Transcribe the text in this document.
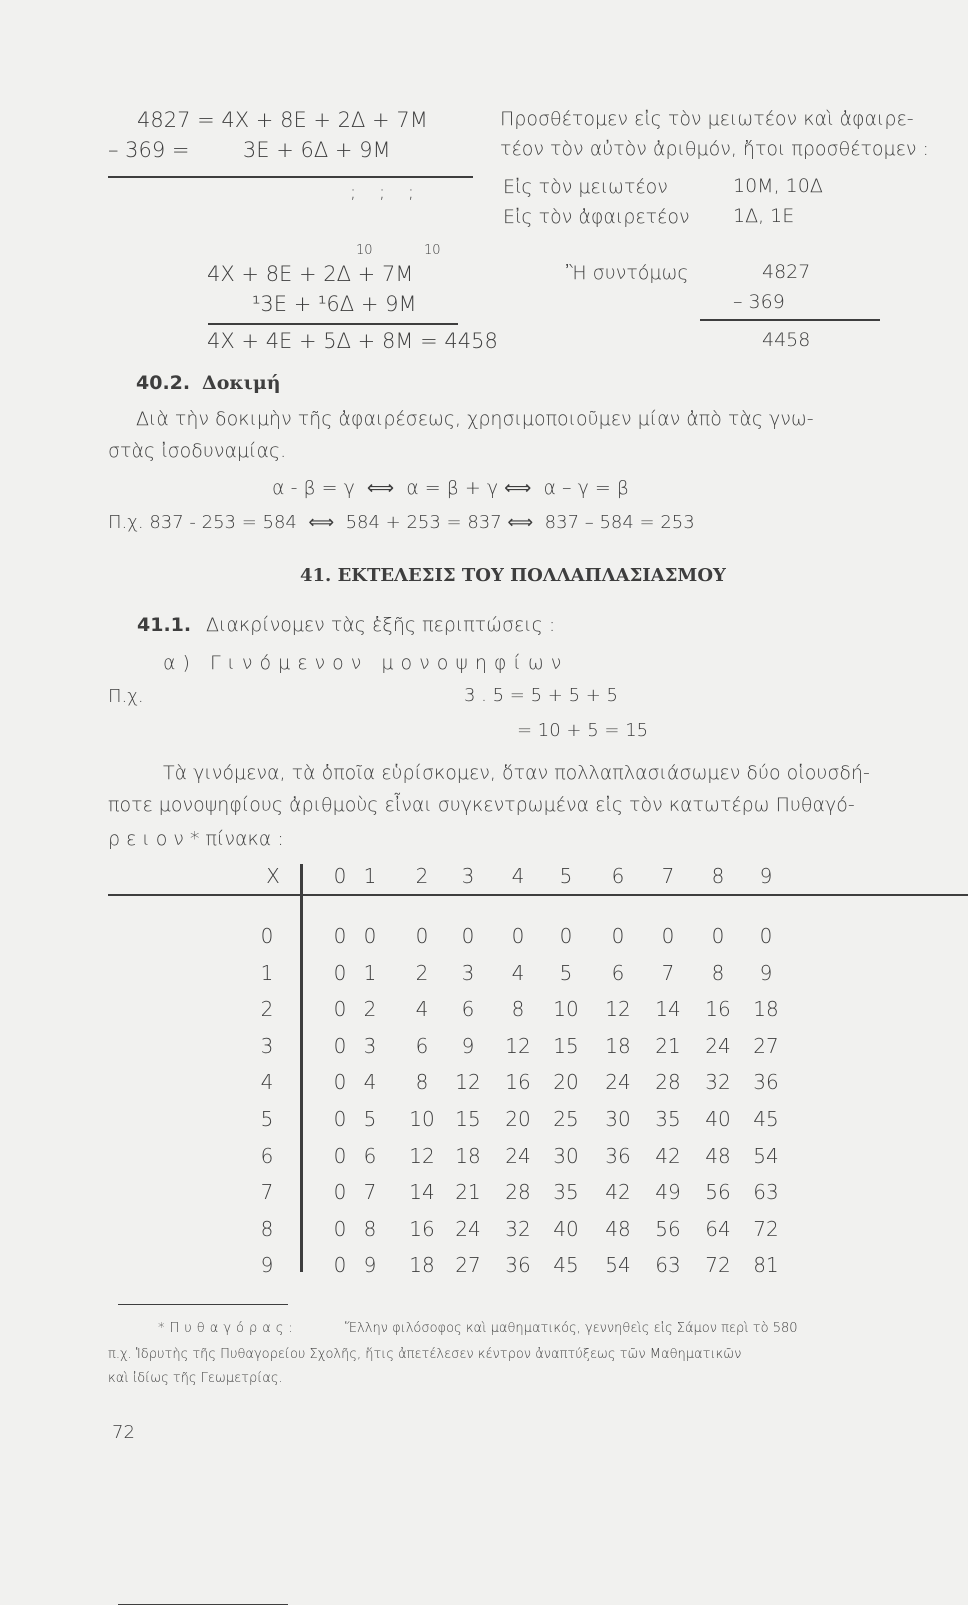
4827 = 4X + 8E + 2Δ + 7M
– 369 =        3E + 6Δ + 9M
;    ;    ;
Προσθέτομεν εἰς τὸν μειωτέον καὶ ἀφαιρε-
τέον τὸν αὐτὸν ἀριθμόν, ἤτοι προσθέτομεν :
Εἰς τὸν μειωτέον	10Μ, 10Δ
Εἰς τὸν ἀφαιρετέον 1Δ, 1Ε
10	10
4X + 8E + 2Δ + 7M
¹3E + ¹6Δ + 9M
4X + 4E + 5Δ + 8M = 4458
Ἢ συντόμως	4827
– 369
4458
40.2. Δοκιμή
Διὰ τὴν δοκιμὴν τῆς ἀφαιρέσεως, χρησιμοποιοῦμεν μίαν ἀπὸ τὰς γνω-
στὰς ἰσοδυναμίας.
α - β = γ  ⟺  α = β + γ ⟺  α – γ = β
Π.χ. 837 - 253 = 584  ⟺  584 + 253 = 837 ⟺  837 – 584 = 253
41. ΕΚΤΕΛΕΣΙΣ ΤΟΥ ΠΟΛΛΑΠΛΑΣΙΑΣΜΟΥ
41.1. Διακρίνομεν τὰς ἑξῆς περιπτώσεις :
α) Γινόμενον μονοψηφίων
Π.χ.	3 . 5 = 5 + 5 + 5
= 10 + 5 = 15
Τὰ γινόμενα, τὰ ὁποῖα εὑρίσκομεν, ὅταν πολλαπλασιάσωμεν δύο οἱουσδή-
ποτε μονοψηφίους ἀριθμοὺς εἶναι συγκεντρωμένα εἰς τὸν κατωτέρω Πυθαγό-
ρειον * πίνακα :
X	0 1	2	3	4	5	6	7	8	9
0	0 0	0	0	0	0	0	0	0	0
1	0 1	2	3	4	5	6	7	8	9
2	0 2	4	6	8	10	12	14	16	18
3	0 3	6	9	12	15	18	21	24	27
4	0 4	8	12	16	20	24	28	32	36
5	0 5	10	15	20	25	30	35	40	45
6	0 6	12	18	24	30	36	42	48	54
7	0 7	14	21	28	35	42	49	56	63
8	0 8	16	24	32	40	48	56	64	72
9	0 9	18	27	36	45	54	63	72	81
*Πυθαγόρας:	Ἕλλην φιλόσοφος καὶ μαθηματικός, γεννηθεὶς εἰς Σάμον περὶ τὸ 580
π.χ. Ἱδρυτὴς τῆς Πυθαγορείου Σχολῆς, ἥτις ἀπετέλεσεν κέντρον ἀναπτύξεως τῶν Μαθηματικῶν
καὶ ἰδίως τῆς Γεωμετρίας.
72
